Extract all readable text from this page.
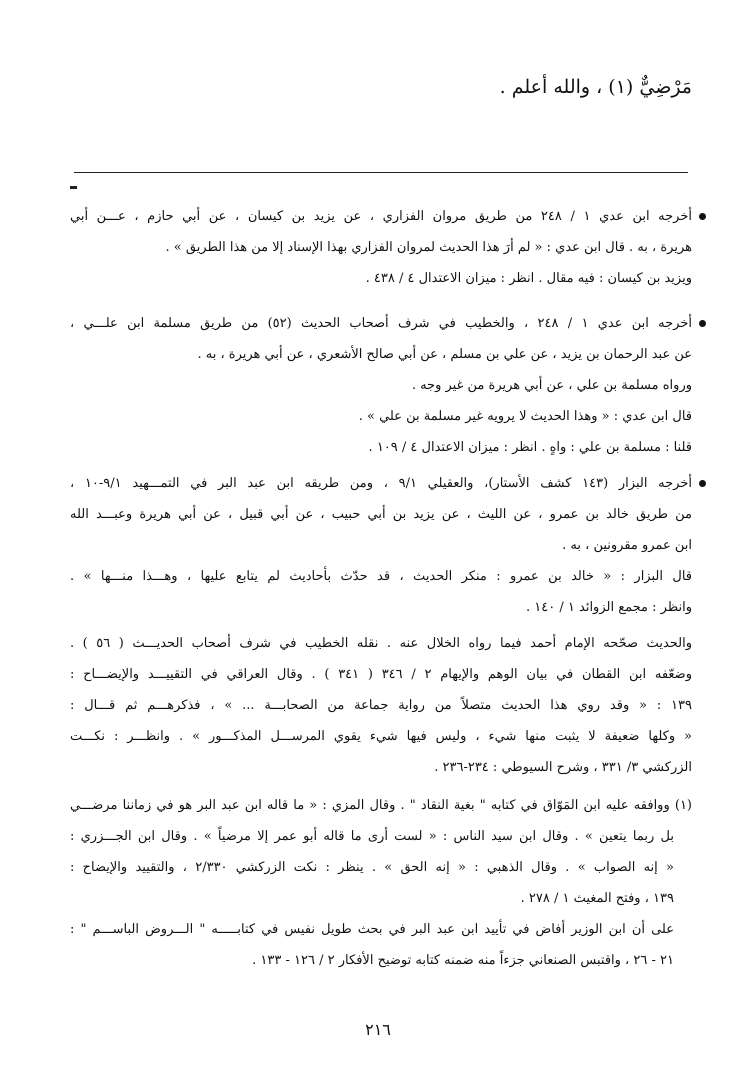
مَرْضِيٌّ (١) ، والله أعلم .
أخرجه ابن عدي ١ / ٢٤٨ من طريق مروان الفزاري ، عن يزيد بن كيسان ، عن أبي حازم ، عـــن أبي
هريرة ، به . قال ابن عدي : « لم أرَ هذا الحديث لمروان الفزاري بهذا الإسناد إلا من هذا الطريق » .
ويزيد بن كيسان : فيه مقال . انظر : ميزان الاعتدال ٤ / ٤٣٨ .
أخرجه ابن عدي ١ / ٢٤٨ ، والخطيب في شرف أصحاب الحديث (٥٢) من طريق مسلمة ابن علـــي ،
عن عبد الرحمان بن يزيد ، عن علي بن مسلم ، عن أبي صالح الأشعري ، عن أبي هريرة ، به .
ورواه مسلمة بن علي ، عن أبي هريرة من غير وجه .
قال ابن عدي : « وهذا الحديث لا يرويه غير مسلمة بن علي » .
قلنا : مسلمة بن علي : واهٍ . انظر : ميزان الاعتدال ٤ / ١٠٩ .
أخرجه البزار (١٤٣ كشف الأستار)، والعقيلي ٩/١ ، ومن طريقه ابن عبد البر في التمـــهيد ٩/١-١٠ ،
من طريق خالد بن عمرو ، عن الليث ، عن يزيد بن أبي حبيب ، عن أبي قبيل ، عن أبي هريرة وعبـــد الله
ابن عمرو مقرونين ، به .
قال البزار : « خالد بن عمرو : منكر الحديث ، قد حدّث بأحاديث لم يتابع عليها ، وهـــذا منـــها » .
وانظر : مجمع الزوائد ١ / ١٤٠ .
والحديث صحّحه الإمام أحمد فيما رواه الخلال عنه . نقله الخطيب في شرف أصحاب الحديـــث ( ٥٦ ) .
وضعّفه ابن القطان في بيان الوهم والإيهام ٢ / ٣٤٦ ( ٣٤١ ) . وقال العراقي في التقييـــد والإيضـــاح :
١٣٩ : « وقد روي هذا الحديث متصلاً من رواية جماعة من الصحابـــة ... » ، فذكرهـــم ثم قـــال :
« وكلها ضعيفة لا يثبت منها شيء ، وليس فيها شيء يقوي المرســـل المذكـــور » . وانظـــر : نكـــت
الزركشي ٣/ ٣٣١ ، وشرح السيوطي : ٢٣٤-٢٣٦ .
(١) ووافقه عليه ابن المَوّاق في كتابه " بغية النقاد " . وقال المزي : « ما قاله ابن عبد البر هو في زماننا مرضـــي
بل ربما يتعين » . وقال ابن سيد الناس : « لست أرى ما قاله أبو عمر إلا مرضياً » . وقال ابن الجـــزري :
« إنه الصواب » . وقال الذهبي : « إنه الحق » . ينظر : نكت الزركشي ٢/٣٣٠ ، والتقييد والإيضاح :
١٣٩ ، وفتح المغيث ١ / ٢٧٨ .
على أن ابن الوزير أفاض في تأييد ابن عبد البر في بحث طويل نفيس في كتابـــــه " الـــروض الباســـم " :
٢١ - ٢٦ ، واقتبس الصنعاني جزءاً منه ضمنه كتابه توضيح الأفكار ٢ / ١٢٦ - ١٣٣ .
٢١٦
